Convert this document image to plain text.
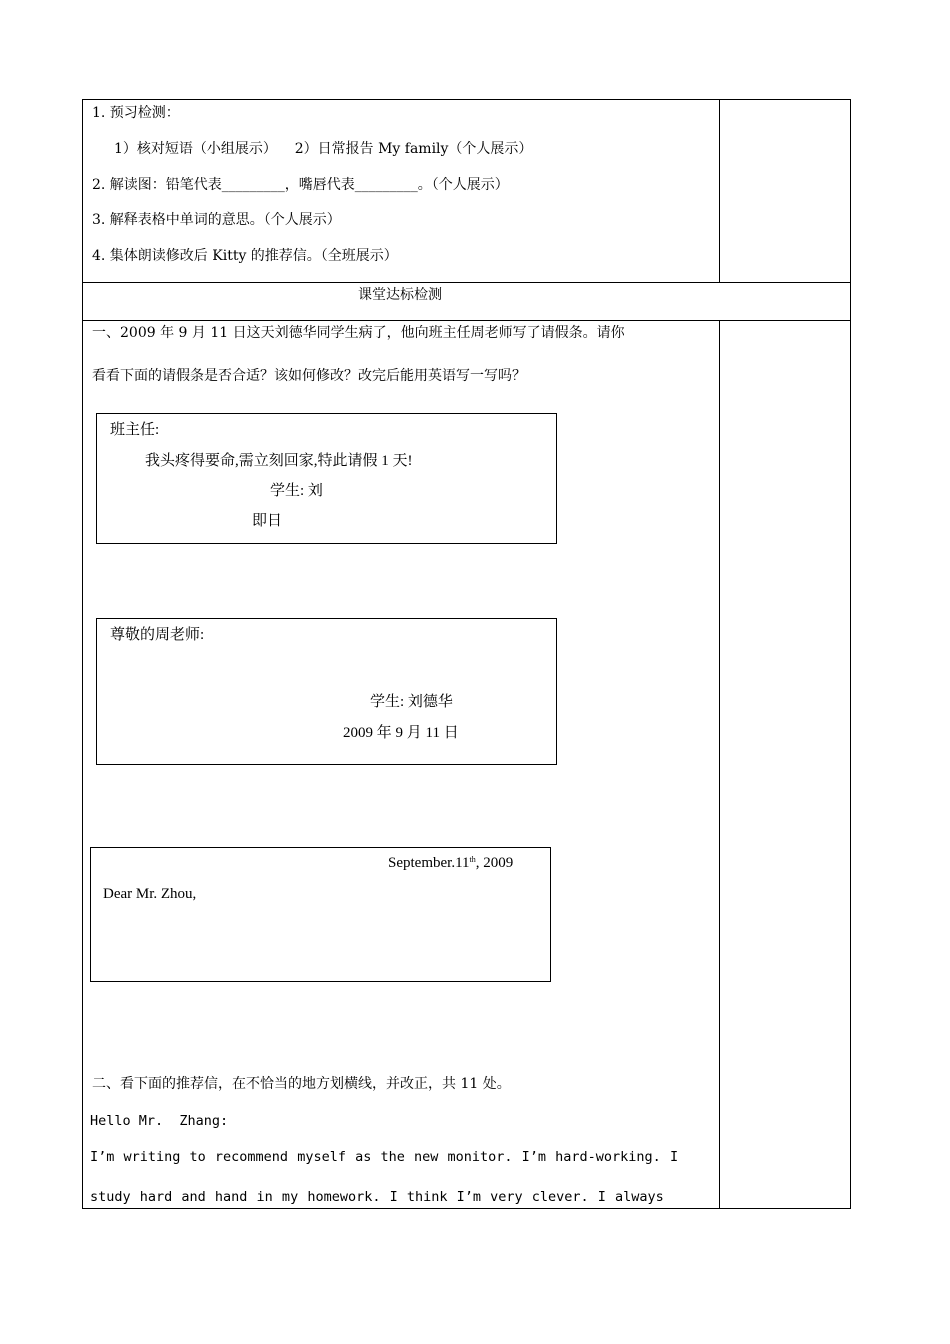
1. 预习检测：
1）核对短语（小组展示）    2）日常报告 My family（个人展示）
2. 解读图：铅笔代表_________，嘴唇代表_________。（个人展示）
3. 解释表格中单词的意思。（个人展示）
4. 集体朗读修改后 Kitty 的推荐信。（全班展示）
课堂达标检测
一、2009 年 9 月 11 日这天刘德华同学生病了，他向班主任周老师写了请假条。请你
看看下面的请假条是否合适？该如何修改？改完后能用英语写一写吗？
班主任:
我头疼得要命,需立刻回家,特此请假 1 天!
学生: 刘
即日
尊敬的周老师:
学生: 刘德华
2009 年 9 月 11 日
September.11th, 2009
Dear Mr. Zhou,
二、看下面的推荐信，在不恰当的地方划横线，并改正，共 11 处。
Hello Mr.  Zhang:
I’m writing to recommend myself as the new monitor. I’m hard-working. I
study hard and hand in my homework. I think I’m very clever. I always
